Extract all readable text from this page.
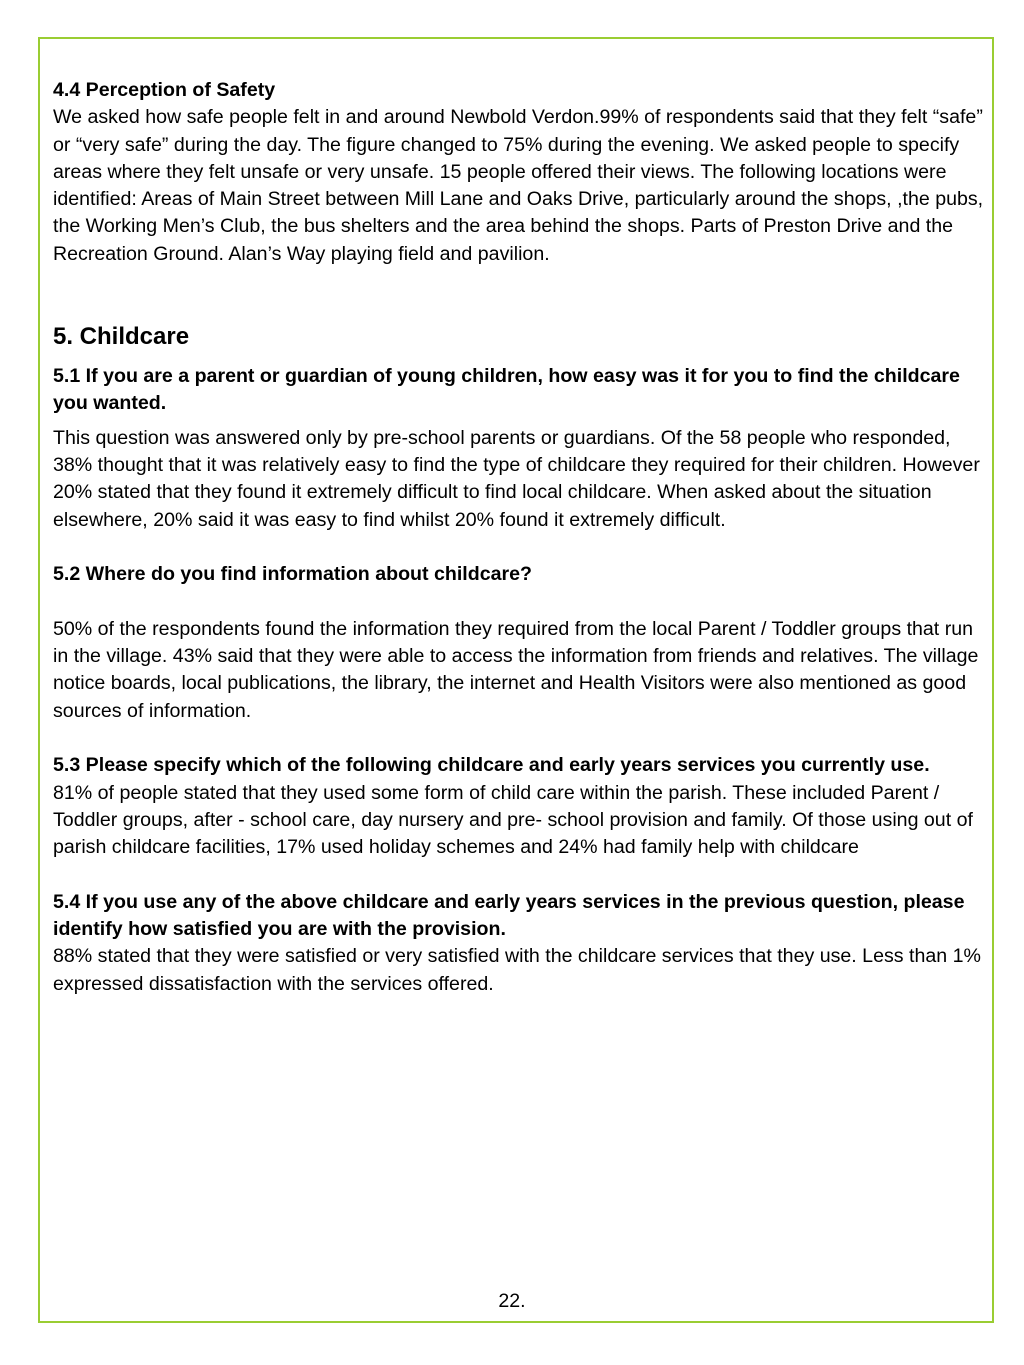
4.4 Perception of Safety

We asked how safe people felt in and around Newbold Verdon.99% of respondents said that they felt “safe” or “very safe” during the day. The figure changed to 75% during the evening. We asked people to specify areas where they felt unsafe or very unsafe. 15 people offered their views. The following locations were identified: Areas of Main Street between Mill Lane and Oaks Drive, particularly around the shops, ,the pubs, the Working Men’s Club, the bus shelters and the area behind the shops. Parts of Preston Drive and the Recreation Ground. Alan’s Way playing field and pavilion.

5. Childcare

5.1 If you are a parent or guardian of young children, how easy was it for you to find the childcare you wanted.

This question was answered only by pre-school parents or guardians. Of the 58 people who responded, 38% thought that it was relatively easy to find the type of childcare they required for their children. However 20% stated that they found it extremely difficult to find local childcare. When asked about the situation elsewhere, 20% said it was easy to find whilst 20% found it extremely difficult.

5.2 Where do you find information about childcare?

50% of the respondents found the information they required from the local Parent / Toddler groups that run in the village. 43% said that they were able to access the information from friends and relatives. The village notice boards, local publications, the library, the internet and Health Visitors were also mentioned as good sources of information.

5.3 Please specify which of the following childcare and early years services you currently use.

81% of people stated that they used some form of child care within the parish. These included Parent / Toddler groups, after - school care, day nursery and pre- school provision and family. Of those using out of parish childcare facilities, 17% used holiday schemes and 24% had family help with childcare

5.4 If you use any of the above childcare and early years services in the previous question, please identify how satisfied you are with the provision.

88% stated that they were satisfied or very satisfied with the childcare services that they use. Less than 1% expressed dissatisfaction with the services offered.

22.
